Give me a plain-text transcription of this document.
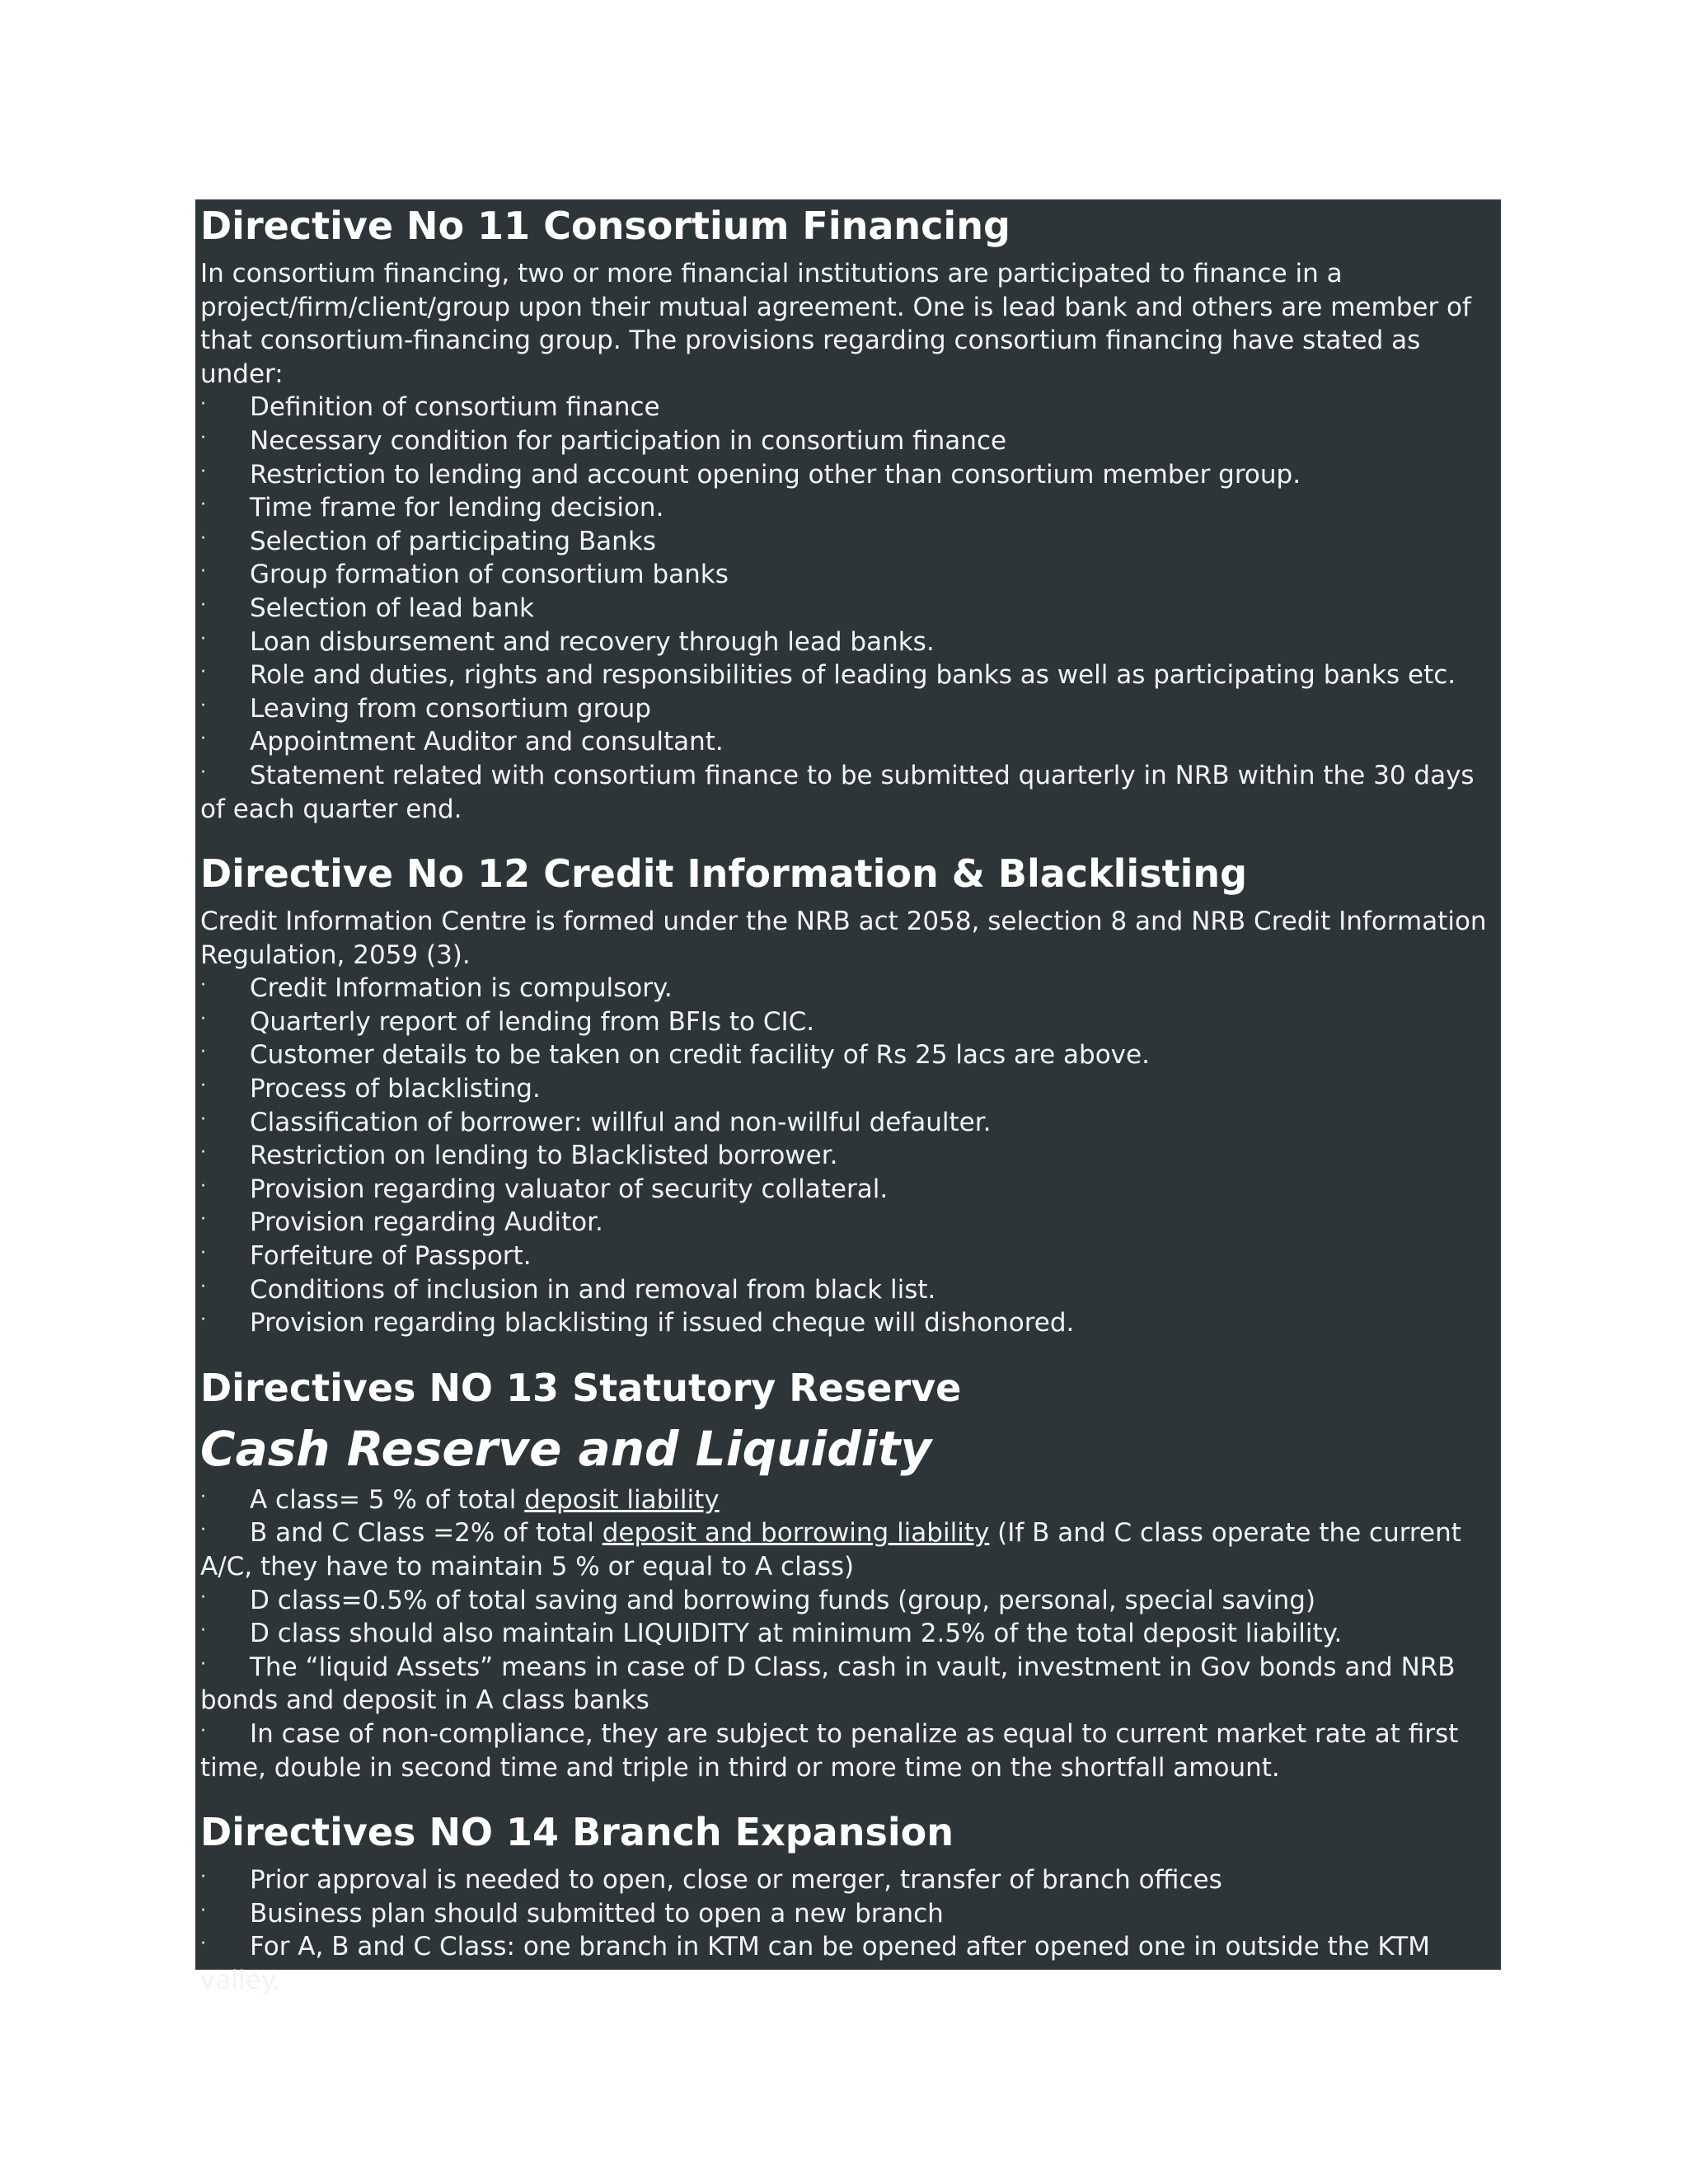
Directive No 11 Consortium Financing

In consortium financing, two or more financial institutions are participated to finance in a project/firm/client/group upon their mutual agreement. One is lead bank and others are member of that consortium-financing group. The provisions regarding consortium financing have stated as under:

· Definition of consortium finance
· Necessary condition for participation in consortium finance
· Restriction to lending and account opening other than consortium member group.
· Time frame for lending decision.
· Selection of participating Banks
· Group formation of consortium banks
· Selection of lead bank
· Loan disbursement and recovery through lead banks.
· Role and duties, rights and responsibilities of leading banks as well as participating banks etc.
· Leaving from consortium group
· Appointment Auditor and consultant.
· Statement related with consortium finance to be submitted quarterly in NRB within the 30 days of each quarter end.
Directive No 12 Credit Information & Blacklisting

Credit Information Centre is formed under the NRB act 2058, selection 8 and NRB Credit Information Regulation, 2059 (3).

· Credit Information is compulsory.
· Quarterly report of lending from BFIs to CIC.
· Customer details to be taken on credit facility of Rs 25 lacs are above.
· Process of blacklisting.
· Classification of borrower: willful and non-willful defaulter.
· Restriction on lending to Blacklisted borrower.
· Provision regarding valuator of security collateral.
· Provision regarding Auditor.
· Forfeiture of Passport.
· Conditions of inclusion in and removal from black list.
· Provision regarding blacklisting if issued cheque will dishonored.
Directives NO 13 Statutory Reserve
Cash Reserve and Liquidity
· A class= 5 % of total deposit liability
· B and C Class =2% of total deposit and borrowing liability (If B and C class operate the current A/C, they have to maintain 5 % or equal to A class)
· D class=0.5% of total saving and borrowing funds (group, personal, special saving)
· D class should also maintain LIQUIDITY at minimum 2.5% of the total deposit liability.
· The “liquid Assets” means in case of D Class, cash in vault, investment in Gov bonds and NRB bonds and deposit in A class banks
· In case of non-compliance, they are subject to penalize as equal to current market rate at first time, double in second time and triple in third or more time on the shortfall amount.
Directives NO 14 Branch Expansion
· Prior approval is needed to open, close or merger, transfer of branch offices
· Business plan should submitted to open a new branch
· For A, B and C Class: one branch in KTM can be opened after opened one in outside the KTM valley.
